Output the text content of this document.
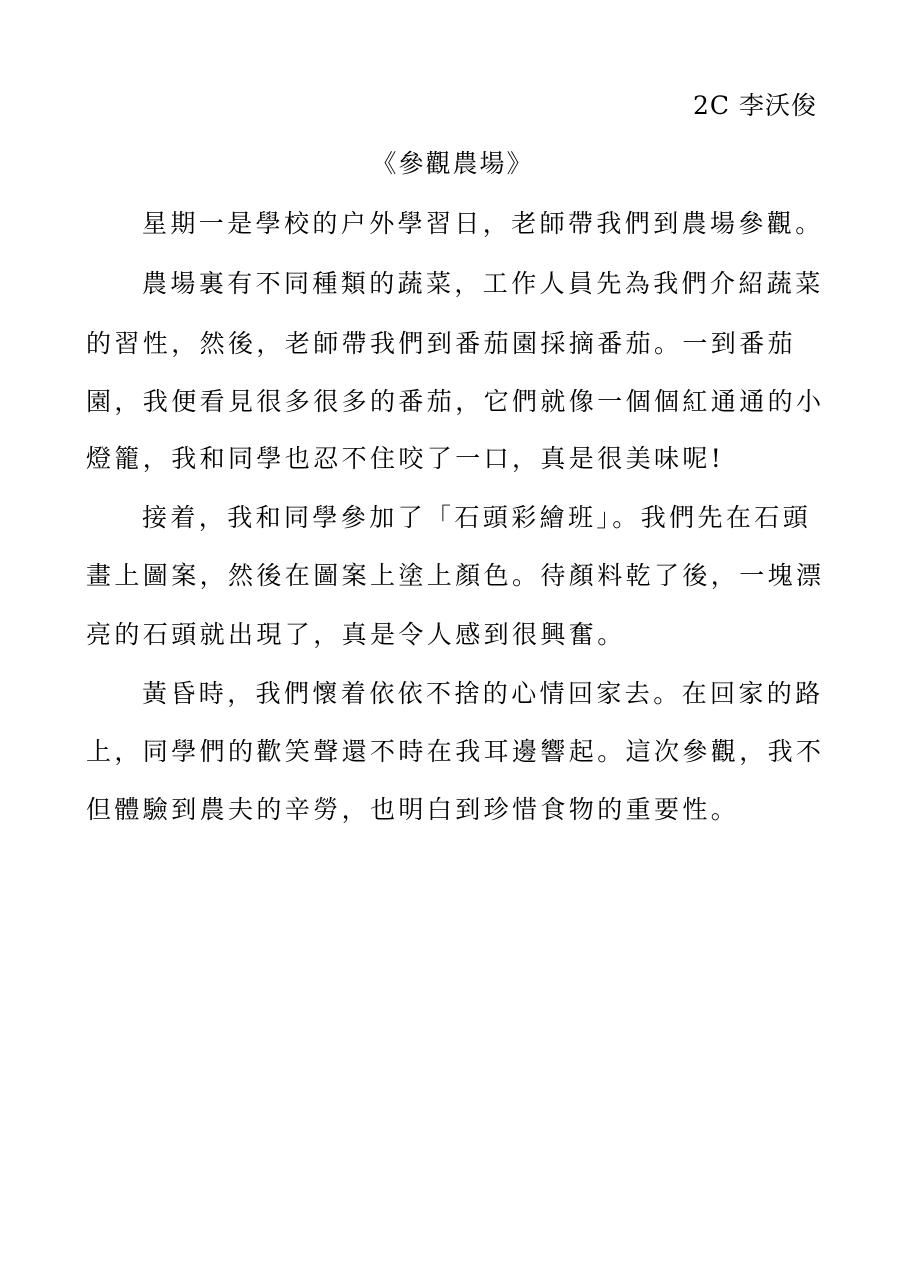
2C 李沃俊
《參觀農場》
星期一是學校的户外學習日，老師帶我們到農場參觀。
農場裏有不同種類的蔬菜，工作人員先為我們介紹蔬菜
的習性，然後，老師帶我們到番茄園採摘番茄。一到番茄
園，我便看見很多很多的番茄，它們就像一個個紅通通的小
燈籠，我和同學也忍不住咬了一口，真是很美味呢!
接着，我和同學參加了「石頭彩繪班」。我們先在石頭
畫上圖案，然後在圖案上塗上顏色。待顏料乾了後，一塊漂
亮的石頭就出現了，真是令人感到很興奮。
黃昏時，我們懷着依依不捨的心情回家去。在回家的路
上，同學們的歡笑聲還不時在我耳邊響起。這次參觀，我不
但體驗到農夫的辛勞，也明白到珍惜食物的重要性。
